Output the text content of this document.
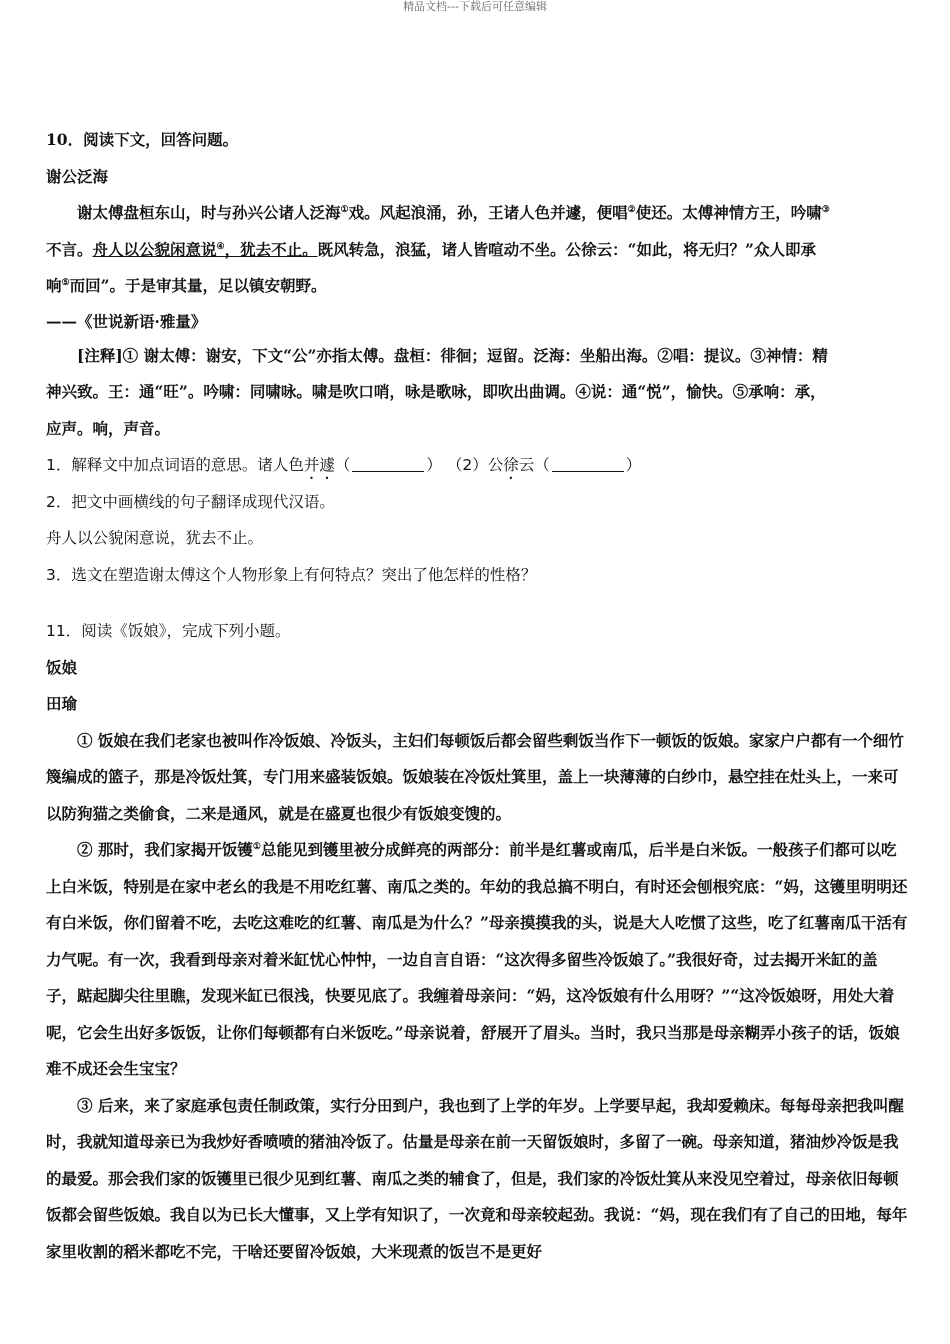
精品文档---下载后可任意编辑

10．阅读下文，回答问题。

谢公泛海

谢太傅盘桓东山，时与孙兴公诸人泛海①戏。风起浪涌，孙，王诸人色并遽，便唱②使还。太傅神情方王，吟啸③

不言。舟人以公貌闲意说④，犹去不止。既风转急，浪猛，诸人皆喧动不坐。公徐云：“如此，将无归？”众人即承

响⑤而回”。于是审其量，足以镇安朝野。

——《世说新语·雅量》

[注释]① 谢太傅：谢安，下文“公”亦指太傅。盘桓：徘徊；逗留。泛海：坐船出海。②唱：提议。③神情：精

神兴致。王：通“旺”。吟啸：同啸咏。啸是吹口哨，咏是歌咏，即吹出曲调。④说：通“悦”，愉快。⑤承响：承，

应声。响，声音。

1．解释文中加点词语的意思。诸人色并遽（	） （2）公徐云（	）

2．把文中画横线的句子翻译成现代汉语。

舟人以公貌闲意说，犹去不止。

3．选文在塑造谢太傅这个人物形象上有何特点？突出了他怎样的性格？

11．阅读《饭娘》，完成下列小题。

饭娘

田瑜

① 饭娘在我们老家也被叫作冷饭娘、冷饭头，主妇们每顿饭后都会留些剩饭当作下一顿饭的饭娘。家家户户都有一个细竹篾编成的篮子，那是冷饭灶箕，专门用来盛装饭娘。饭娘装在冷饭灶箕里，盖上一块薄薄的白纱巾，悬空挂在灶头上，一来可以防狗猫之类偷食，二来是通风，就是在盛夏也很少有饭娘变馊的。

② 那时，我们家揭开饭镬①总能见到镬里被分成鲜亮的两部分：前半是红薯或南瓜，后半是白米饭。一般孩子们都可以吃上白米饭，特别是在家中老幺的我是不用吃红薯、南瓜之类的。年幼的我总搞不明白，有时还会刨根究底：“妈，这镬里明明还有白米饭，你们留着不吃，去吃这难吃的红薯、南瓜是为什么？”母亲摸摸我的头，说是大人吃惯了这些，吃了红薯南瓜干活有力气呢。有一次，我看到母亲对着米缸忧心忡忡，一边自言自语：“这次得多留些冷饭娘了。”我很好奇，过去揭开米缸的盖子，踮起脚尖往里瞧，发现米缸已很浅，快要见底了。我缠着母亲问：“妈，这冷饭娘有什么用呀？”“这冷饭娘呀，用处大着呢，它会生出好多饭饭，让你们每顿都有白米饭吃。”母亲说着，舒展开了眉头。当时，我只当那是母亲糊弄小孩子的话，饭娘难不成还会生宝宝？

③ 后来，来了家庭承包责任制政策，实行分田到户，我也到了上学的年岁。上学要早起，我却爱赖床。每每母亲把我叫醒时，我就知道母亲已为我炒好香喷喷的猪油冷饭了。估量是母亲在前一天留饭娘时，多留了一碗。母亲知道，猪油炒冷饭是我的最爱。那会我们家的饭镬里已很少见到红薯、南瓜之类的辅食了，但是，我们家的冷饭灶箕从来没见空着过，母亲依旧每顿饭都会留些饭娘。我自以为已长大懂事，又上学有知识了，一次竟和母亲较起劲。我说：“妈，现在我们有了自己的田地，每年家里收割的稻米都吃不完，干啥还要留冷饭娘，大米现煮的饭岂不是更好
